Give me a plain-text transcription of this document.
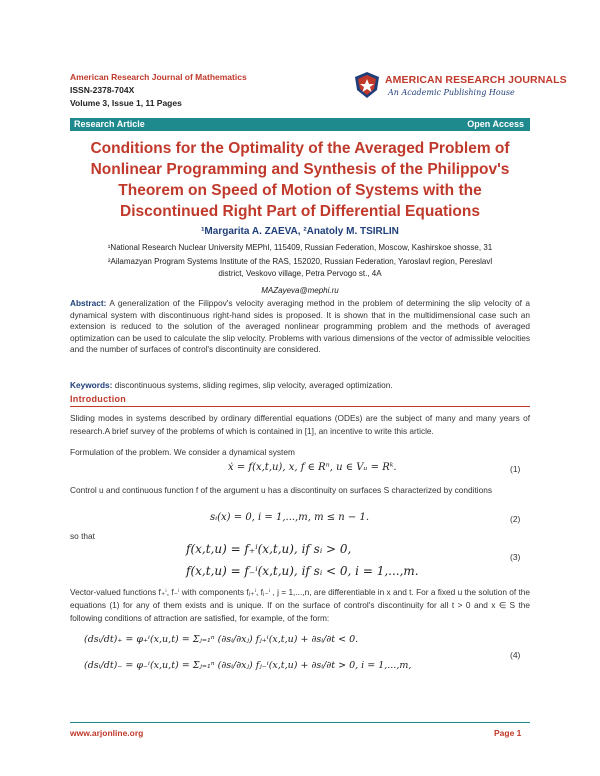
American Research Journal of Mathematics
ISSN-2378-704X
Volume 3, Issue 1, 11 Pages
AMERICAN RESEARCH JOURNALS
An Academic Publishing House
Research Article	Open Access
Conditions for the Optimality of the Averaged Problem of
Nonlinear Programming and Synthesis of the Philippov's
Theorem on Speed of Motion of Systems with the
Discontinued Right Part of Differential Equations
¹Margarita A. ZAEVA, ²Anatoly M. TSIRLIN
¹National Research Nuclear University MEPhI, 115409, Russian Federation, Moscow, Kashirskoe shosse, 31
²Ailamazyan Program Systems Institute of the RAS, 152020, Russian Federation, Yaroslavl region, Pereslavl
district, Veskovo village, Petra Pervogo st., 4A
MAZayeva@mephi.ru
Abstract: A generalization of the Filippov's velocity averaging method in the problem of determining the slip velocity of a dynamical system with discontinuous right-hand sides is proposed. It is shown that in the multidimensional case such an extension is reduced to the solution of the averaged nonlinear programming problem and the methods of averaged optimization can be used to calculate the slip velocity. Problems with various dimensions of the vector of admissible velocities and the number of surfaces of control's discontinuity are considered.
Keywords: discontinuous systems, sliding regimes, slip velocity, averaged optimization.
Introduction
Sliding modes in systems described by ordinary differential equations (ODEs) are the subject of many and many years of research.A brief survey of the problems of which is contained in [1], an incentive to write this article.
Formulation of the problem. We consider a dynamical system
ẋ = f(x,t,u), x, f ∈ Rⁿ, u ∈ Vᵤ = Rᵏ.	(1)
Control u and continuous function f of the argument u has a discontinuity on surfaces S characterized by conditions
sᵢ(x) = 0, i = 1,...,m, m ≤ n − 1.	(2)
so that
f(x,t,u) = f₊ⁱ(x,t,u), if sᵢ > 0,
f(x,t,u) = f₋ⁱ(x,t,u), if sᵢ < 0, i = 1,...,m.
(3)
Vector-valued functions f₊ⁱ, f₋ⁱ with components fⱼ₊ⁱ, fⱼ₋ⁱ , j = 1,...,n, are differentiable in x and t. For a fixed u the solution of the equations (1) for any of them exists and is unique. If on the surface of control's discontinuity for all t > 0 and x ∈ S the following conditions of attraction are satisfied, for example, of the form:
(dsᵢ/dt)₊ = φ₊ⁱ(x,u,t) = Σⱼ₌₁ⁿ (∂sᵢ/∂xⱼ) fⱼ₊ⁱ(x,t,u) + ∂sᵢ/∂t < 0.
(dsᵢ/dt)₋ = φ₋ⁱ(x,u,t) = Σⱼ₌₁ⁿ (∂sᵢ/∂xⱼ) fⱼ₋ⁱ(x,t,u) + ∂sᵢ/∂t > 0, i = 1,...,m,
(4)
www.arjonline.org	Page 1
